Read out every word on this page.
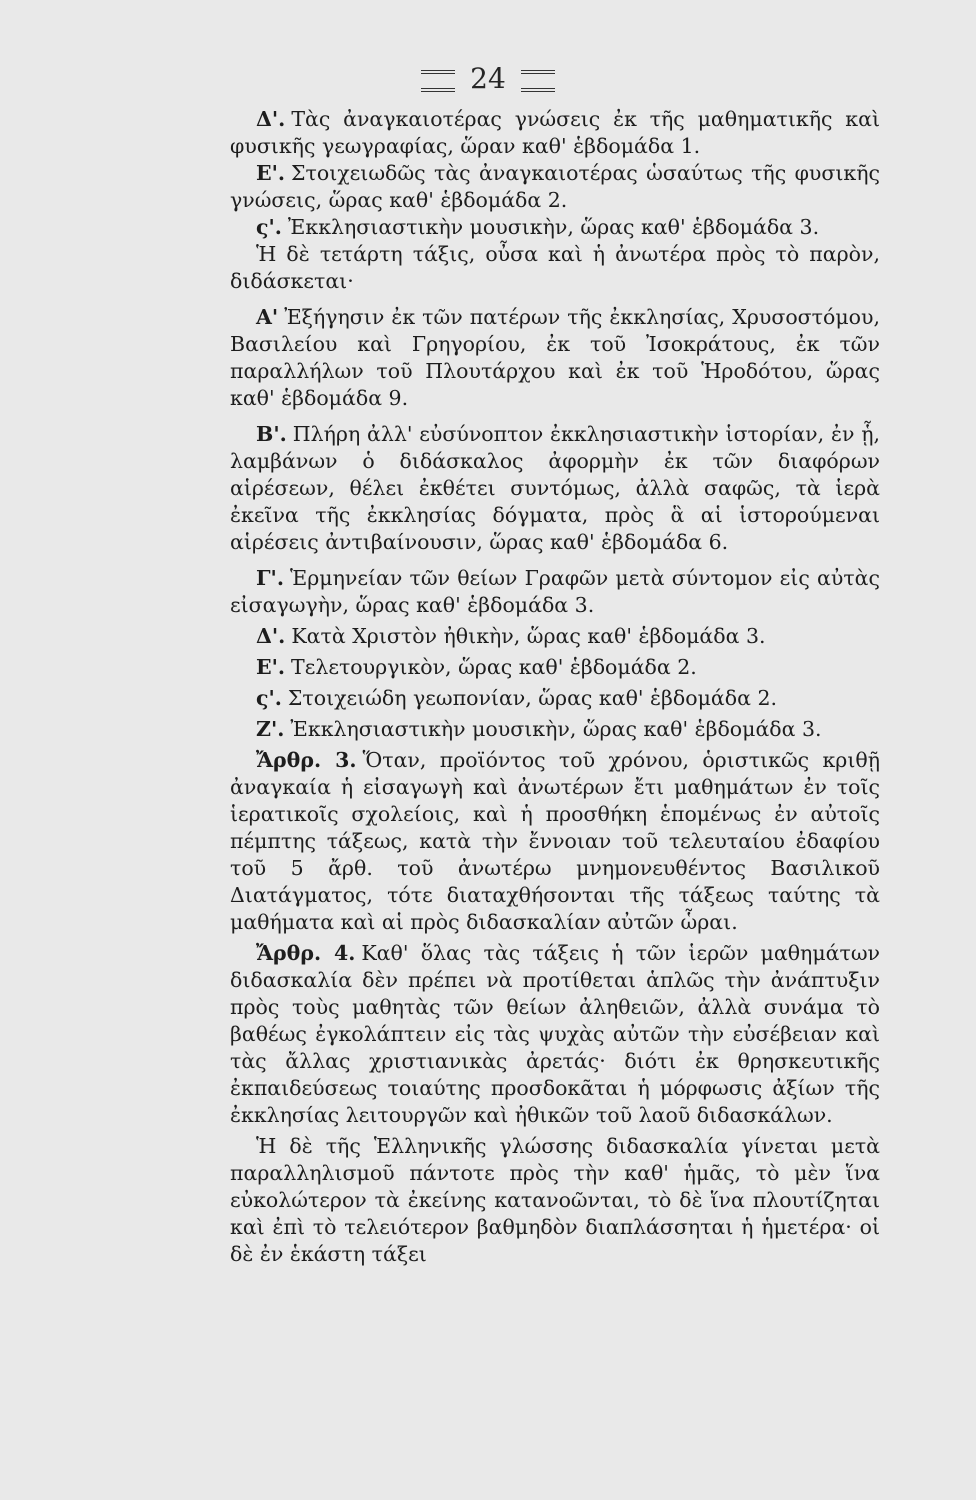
24

Δ'. Τὰς ἀναγκαιοτέρας γνώσεις ἐκ τῆς μαθηματικῆς καὶ φυσικῆς γεωγραφίας, ὥραν καθ' ἑβδομάδα 1.

Ε'. Στοιχειωδῶς τὰς ἀναγκαιοτέρας ὡσαύτως τῆς φυσικῆς γνώσεις, ὥρας καθ' ἑβδομάδα 2.

ς'. Ἐκκλησιαστικὴν μουσικὴν, ὥρας καθ' ἑβδομάδα 3.

Ἡ δὲ τετάρτη τάξις, οὖσα καὶ ἡ ἀνωτέρα πρὸς τὸ παρὸν, διδάσκεται·

Α' Ἐξήγησιν ἐκ τῶν πατέρων τῆς ἐκκλησίας, Χρυσοστόμου, Βασιλείου καὶ Γρηγορίου, ἐκ τοῦ Ἰσοκράτους, ἐκ τῶν παραλλήλων τοῦ Πλουτάρχου καὶ ἐκ τοῦ Ἡροδότου, ὥρας καθ' ἑβδομάδα 9.

Β'. Πλήρη ἀλλ' εὐσύνοπτον ἐκκλησιαστικὴν ἱστορίαν, ἐν ᾗ, λαμβάνων ὁ διδάσκαλος ἀφορμὴν ἐκ τῶν διαφόρων αἱρέσεων, θέλει ἐκθέτει συντόμως, ἀλλὰ σαφῶς, τὰ ἱερὰ ἐκεῖνα τῆς ἐκκλησίας δόγματα, πρὸς ἃ αἱ ἱστορούμεναι αἱρέσεις ἀντιβαίνουσιν, ὥρας καθ' ἑβδομάδα 6.

Γ'. Ἑρμηνείαν τῶν θείων Γραφῶν μετὰ σύντομον εἰς αὐτὰς εἰσαγωγὴν, ὥρας καθ' ἑβδομάδα 3.

Δ'. Κατὰ Χριστὸν ἠθικὴν, ὥρας καθ' ἑβδομάδα 3.

Ε'. Τελετουργικὸν, ὥρας καθ' ἑβδομάδα 2.

ς'. Στοιχειώδη γεωπονίαν, ὥρας καθ' ἑβδομάδα 2.

Ζ'. Ἐκκλησιαστικὴν μουσικὴν, ὥρας καθ' ἑβδομάδα 3.

Ἄρθρ. 3. Ὅταν, προϊόντος τοῦ χρόνου, ὁριστικῶς κριθῇ ἀναγκαία ἡ εἰσαγωγὴ καὶ ἀνωτέρων ἔτι μαθημάτων ἐν τοῖς ἱερατικοῖς σχολείοις, καὶ ἡ προσθήκη ἑπομένως ἐν αὐτοῖς πέμπτης τάξεως, κατὰ τὴν ἔννοιαν τοῦ τελευταίου ἐδαφίου τοῦ 5 ἄρθ. τοῦ ἀνωτέρω μνημονευθέντος Βασιλικοῦ Διατάγματος, τότε διαταχθήσονται τῆς τάξεως ταύτης τὰ μαθήματα καὶ αἱ πρὸς διδασκαλίαν αὐτῶν ὧραι.

Ἄρθρ. 4. Καθ' ὅλας τὰς τάξεις ἡ τῶν ἱερῶν μαθημάτων διδασκαλία δὲν πρέπει νὰ προτίθεται ἁπλῶς τὴν ἀνάπτυξιν πρὸς τοὺς μαθητὰς τῶν θείων ἀληθειῶν, ἀλλὰ συνάμα τὸ βαθέως ἐγκολάπτειν εἰς τὰς ψυχὰς αὐτῶν τὴν εὐσέβειαν καὶ τὰς ἄλλας χριστιανικὰς ἀρετάς· διότι ἐκ θρησκευτικῆς ἐκπαιδεύσεως τοιαύτης προσδοκᾶται ἡ μόρφωσις ἀξίων τῆς ἐκκλησίας λειτουργῶν καὶ ἠθικῶν τοῦ λαοῦ διδασκάλων.

Ἡ δὲ τῆς Ἑλληνικῆς γλώσσης διδασκαλία γίνεται μετὰ παραλληλισμοῦ πάντοτε πρὸς τὴν καθ' ἡμᾶς, τὸ μὲν ἵνα εὐκολώτερον τὰ ἐκείνης κατανοῶνται, τὸ δὲ ἵνα πλουτίζηται καὶ ἐπὶ τὸ τελειότερον βαθμηδὸν διαπλάσσηται ἡ ἡμετέρα· οἱ δὲ ἐν ἑκάστη τάξει
